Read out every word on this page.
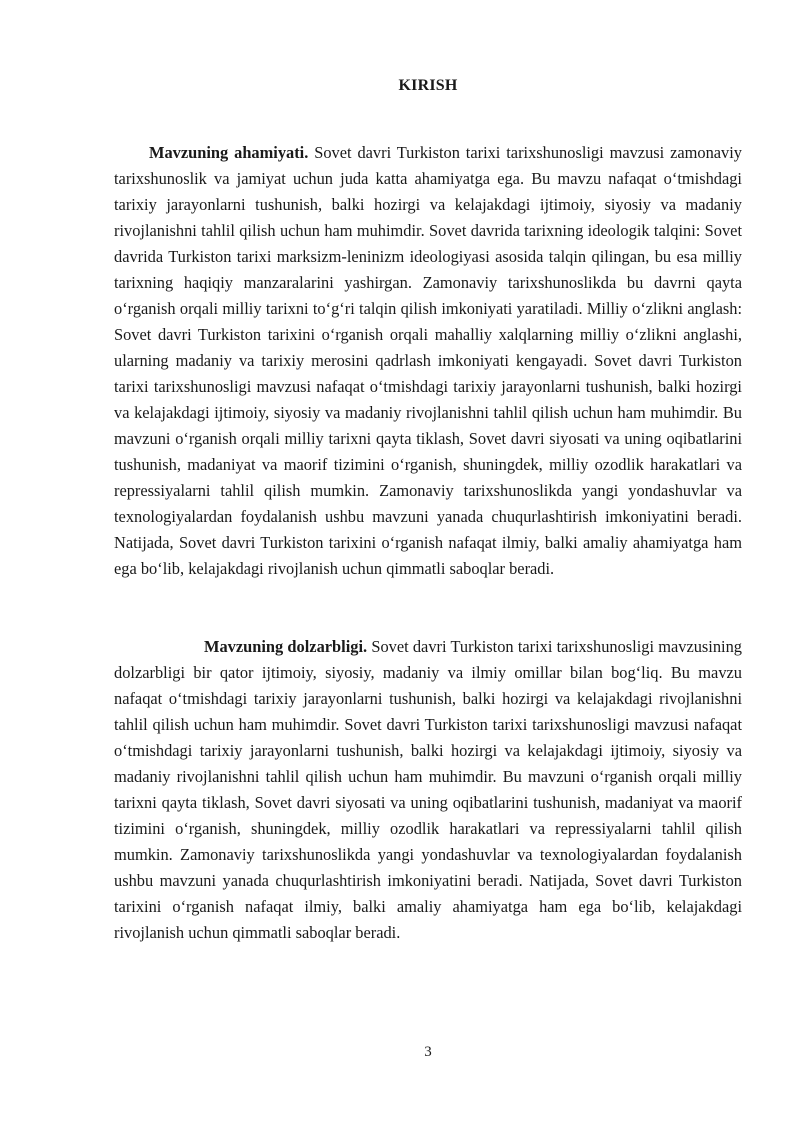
KIRISH

Mavzuning ahamiyati. Sovet davri Turkiston tarixi tarixshunosligi mavzusi zamonaviy tarixshunoslik va jamiyat uchun juda katta ahamiyatga ega. Bu mavzu nafaqat oʻtmishdagi tarixiy jarayonlarni tushunish, balki hozirgi va kelajakdagi ijtimoiy, siyosiy va madaniy rivojlanishni tahlil qilish uchun ham muhimdir. Sovet davrida tarixning ideologik talqini: Sovet davrida Turkiston tarixi marksizm-leninizm ideologiyasi asosida talqin qilingan, bu esa milliy tarixning haqiqiy manzaralarini yashirgan. Zamonaviy tarixshunoslikda bu davrni qayta oʻrganish orqali milliy tarixni toʻgʻri talqin qilish imkoniyati yaratiladi. Milliy oʻzlikni anglash: Sovet davri Turkiston tarixini oʻrganish orqali mahalliy xalqlarning milliy oʻzlikni anglashi, ularning madaniy va tarixiy merosini qadrlash imkoniyati kengayadi. Sovet davri Turkiston tarixi tarixshunosligi mavzusi nafaqat oʻtmishdagi tarixiy jarayonlarni tushunish, balki hozirgi va kelajakdagi ijtimoiy, siyosiy va madaniy rivojlanishni tahlil qilish uchun ham muhimdir. Bu mavzuni oʻrganish orqali milliy tarixni qayta tiklash, Sovet davri siyosati va uning oqibatlarini tushunish, madaniyat va maorif tizimini oʻrganish, shuningdek, milliy ozodlik harakatlari va repressiyalarni tahlil qilish mumkin. Zamonaviy tarixshunoslikda yangi yondashuvlar va texnologiyalardan foydalanish ushbu mavzuni yanada chuqurlashtirish imkoniyatini beradi. Natijada, Sovet davri Turkiston tarixini oʻrganish nafaqat ilmiy, balki amaliy ahamiyatga ham ega boʻlib, kelajakdagi rivojlanish uchun qimmatli saboqlar beradi.

Mavzuning dolzarbligi. Sovet davri Turkiston tarixi tarixshunosligi mavzusining dolzarbligi bir qator ijtimoiy, siyosiy, madaniy va ilmiy omillar bilan bogʻliq. Bu mavzu nafaqat oʻtmishdagi tarixiy jarayonlarni tushunish, balki hozirgi va kelajakdagi rivojlanishni tahlil qilish uchun ham muhimdir. Sovet davri Turkiston tarixi tarixshunosligi mavzusi nafaqat oʻtmishdagi tarixiy jarayonlarni tushunish, balki hozirgi va kelajakdagi ijtimoiy, siyosiy va madaniy rivojlanishni tahlil qilish uchun ham muhimdir. Bu mavzuni oʻrganish orqali milliy tarixni qayta tiklash, Sovet davri siyosati va uning oqibatlarini tushunish, madaniyat va maorif tizimini oʻrganish, shuningdek, milliy ozodlik harakatlari va repressiyalarni tahlil qilish mumkin. Zamonaviy tarixshunoslikda yangi yondashuvlar va texnologiyalardan foydalanish ushbu mavzuni yanada chuqurlashtirish imkoniyatini beradi. Natijada, Sovet davri Turkiston tarixini oʻrganish nafaqat ilmiy, balki amaliy ahamiyatga ham ega boʻlib, kelajakdagi rivojlanish uchun qimmatli saboqlar beradi.

3
